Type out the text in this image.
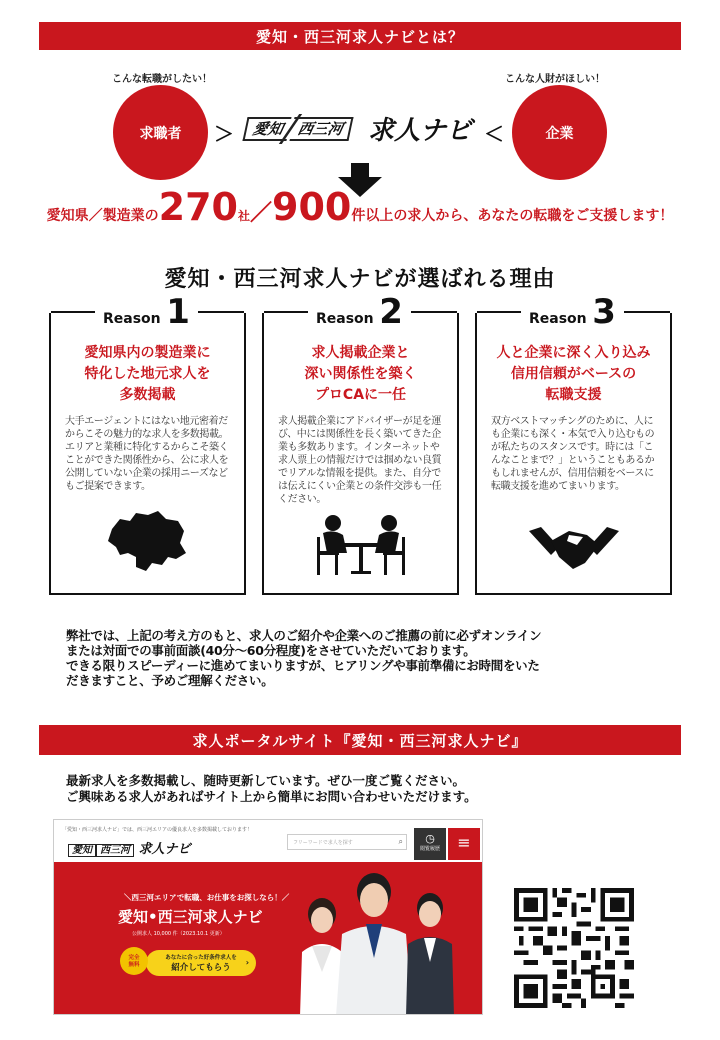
愛知・西三河求人ナビとは？
こんな転職がしたい！	こんな人財がほしい！
求職者	企業
＞	＜
愛知 西三河 求人ナビ
愛知県／製造業の270社／900件以上の求人から、あなたの転職をご支援します！
愛知・西三河求人ナビが選ばれる理由
Reason 1
愛知県内の製造業に
特化した地元求人を
多数掲載
大手エージェントにはない地元密着だからこその魅力的な求人を多数掲載。エリアと業種に特化するからこそ築くことができた関係性から、公に求人を公開していない企業の採用ニーズなどもご提案できます。
Reason 2
求人掲載企業と
深い関係性を築く
プロCAに一任
求人掲載企業にアドバイザーが足を運び、中には関係性を長く築いてきた企業も多数あります。インターネットや求人票上の情報だけでは掴めない良質でリアルな情報を提供。また、自分では伝えにくい企業との条件交渉も一任ください。
Reason 3
人と企業に深く入り込み
信用信頼がベースの
転職支援
双方ベストマッチングのために、人にも企業にも深く・本気で入り込むものが私たちのスタンスです。時には「こんなことまで？」ということもあるかもしれませんが、信用信頼をベースに転職支援を進めてまいります。
弊社では、上記の考え方のもと、求人のご紹介や企業へのご推薦の前に必ずオンライン
または対面での事前面談(40分〜60分程度)をさせていただいております。
できる限りスピーディーに進めてまいりますが、ヒアリングや事前準備にお時間をいた
だきますこと、予めご理解ください。
求人ポータルサイト『愛知・西三河求人ナビ』
最新求人を多数掲載し、随時更新しています。ぜひ一度ご覧ください。
ご興味ある求人があればサイト上から簡単にお問い合わせいただけます。
「愛知・西三河求人ナビ」では、西三河エリアの優良求人を多数掲載しております！
愛知 西三河 求人ナビ	フリーワードで求人を探す	⌕	◷
閲覧履歴	≡
＼西三河エリアで転職、お仕事をお探しなら！／
愛知•西三河求人ナビ
公開求人 10,000 件（2023.10.1 更新）
あなたに合った好条件求人を
紹介してもらう
›
完全
無料
